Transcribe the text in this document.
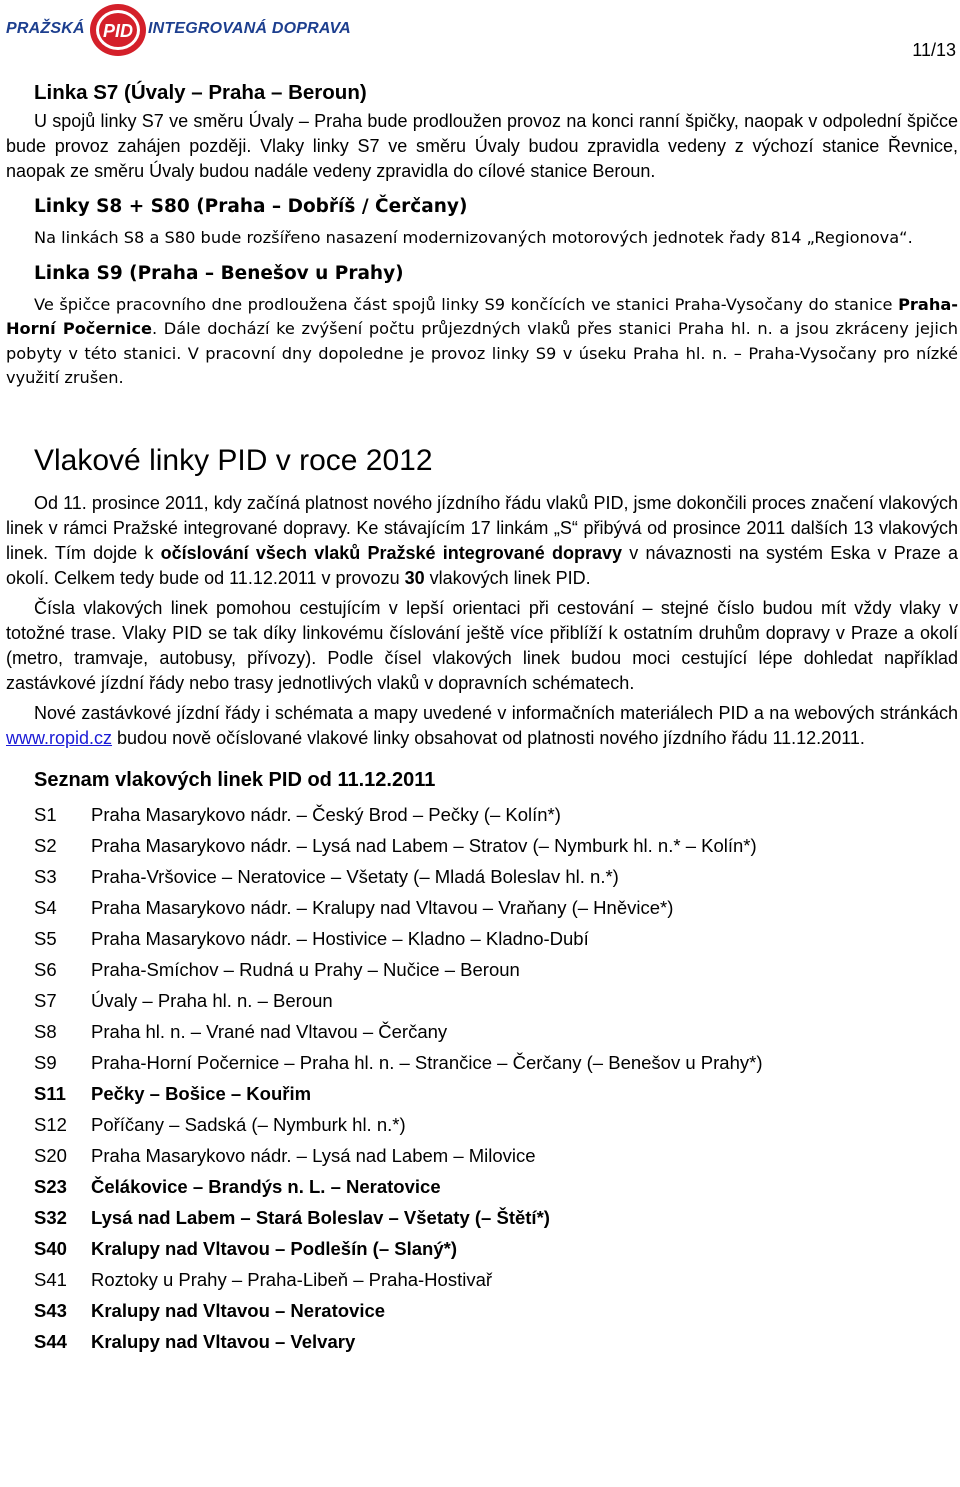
PRAŽSKÁ PID INTEGROVANÁ DOPRAVA
11/13
Linka S7 (Úvaly – Praha – Beroun)

U spojů linky S7 ve směru Úvaly – Praha bude prodloužen provoz na konci ranní špičky, naopak v odpolední špičce bude provoz zahájen později. Vlaky linky S7 ve směru Úvaly budou zpravidla vedeny z výchozí stanice Řevnice, naopak ze směru Úvaly budou nadále vedeny zpravidla do cílové stanice Beroun.

Linky S8 + S80 (Praha – Dobříš / Čerčany)

Na linkách S8 a S80 bude rozšířeno nasazení modernizovaných motorových jednotek řady 814 „Regionova“.

Linka S9 (Praha – Benešov u Prahy)

Ve špičce pracovního dne prodloužena část spojů linky S9 končících ve stanici Praha-Vysočany do stanice Praha-Horní Počernice. Dále dochází ke zvýšení počtu průjezdných vlaků přes stanici Praha hl. n. a jsou zkráceny jejich pobyty v této stanici. V pracovní dny dopoledne je provoz linky S9 v úseku Praha hl. n. – Praha-Vysočany pro nízké využití zrušen.

Vlakové linky PID v roce 2012

Od 11. prosince 2011, kdy začíná platnost nového jízdního řádu vlaků PID, jsme dokončili proces značení vlakových linek v rámci Pražské integrované dopravy. Ke stávajícím 17 linkám „S“ přibývá od prosince 2011 dalších 13 vlakových linek. Tím dojde k očíslování všech vlaků Pražské integrované dopravy v návaznosti na systém Eska v Praze a okolí. Celkem tedy bude od 11.12.2011 v provozu 30 vlakových linek PID.

Čísla vlakových linek pomohou cestujícím v lepší orientaci při cestování – stejné číslo budou mít vždy vlaky v totožné trase. Vlaky PID se tak díky linkovému číslování ještě více přiblíží k ostatním druhům dopravy v Praze a okolí (metro, tramvaje, autobusy, přívozy). Podle čísel vlakových linek budou moci cestující lépe dohledat například zastávkové jízdní řády nebo trasy jednotlivých vlaků v dopravních schématech.

Nové zastávkové jízdní řády i schémata a mapy uvedené v informačních materiálech PID a na webových stránkách www.ropid.cz budou nově očíslované vlakové linky obsahovat od platnosti nového jízdního řádu 11.12.2011.

Seznam vlakových linek PID od 11.12.2011
S1	Praha Masarykovo nádr. – Český Brod – Pečky (– Kolín*)
S2	Praha Masarykovo nádr. – Lysá nad Labem – Stratov (– Nymburk hl. n.* – Kolín*)
S3	Praha-Vršovice – Neratovice – Všetaty (– Mladá Boleslav hl. n.*)
S4	Praha Masarykovo nádr. – Kralupy nad Vltavou – Vraňany (– Hněvice*)
S5	Praha Masarykovo nádr. – Hostivice – Kladno – Kladno-Dubí
S6	Praha-Smíchov – Rudná u Prahy – Nučice – Beroun
S7	Úvaly – Praha hl. n. – Beroun
S8	Praha hl. n. – Vrané nad Vltavou – Čerčany
S9	Praha-Horní Počernice – Praha hl. n. – Strančice – Čerčany (– Benešov u Prahy*)
S11	Pečky – Bošice – Kouřim
S12	Poříčany – Sadská (– Nymburk hl. n.*)
S20	Praha Masarykovo nádr. – Lysá nad Labem – Milovice
S23	Čelákovice – Brandýs n. L. – Neratovice
S32	Lysá nad Labem – Stará Boleslav – Všetaty (– Štětí*)
S40	Kralupy nad Vltavou – Podlešín (– Slaný*)
S41	Roztoky u Prahy – Praha-Libeň – Praha-Hostivař
S43	Kralupy nad Vltavou – Neratovice
S44	Kralupy nad Vltavou – Velvary
